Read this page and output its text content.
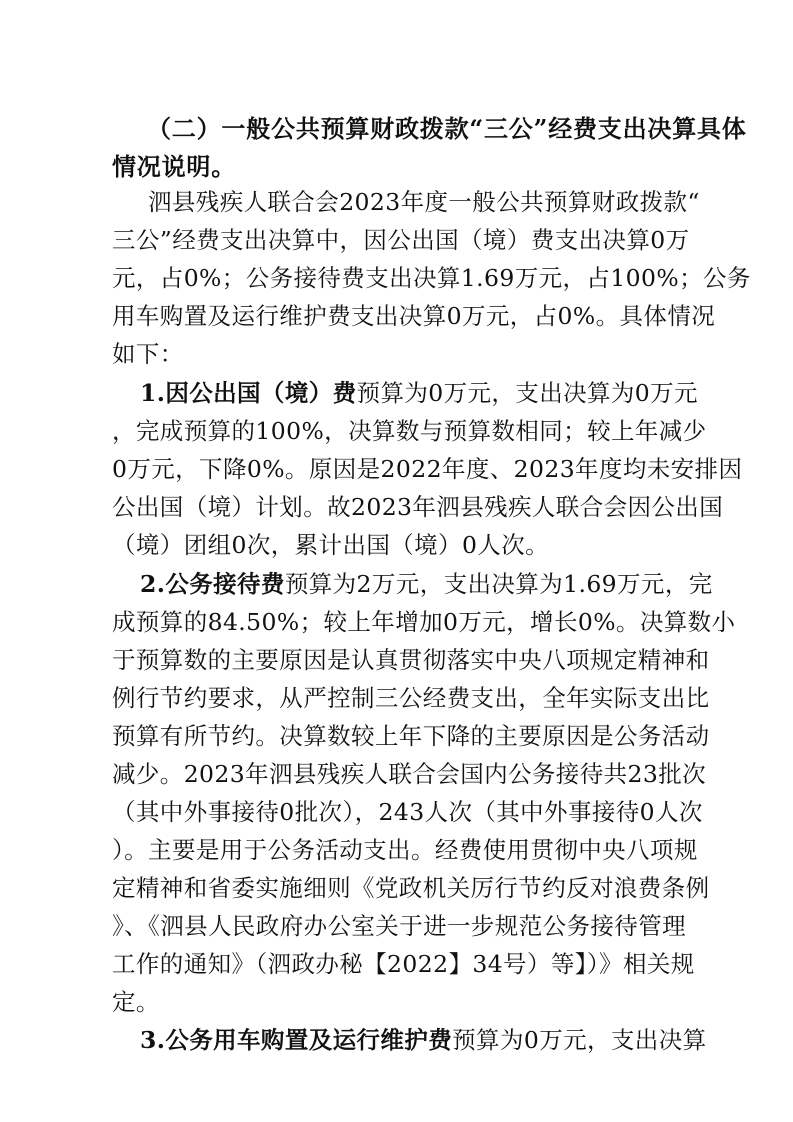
（二）一般公共预算财政拨款“三公”经费支出决算具体
情况说明。
泗县残疾人联合会2023年度一般公共预算财政拨款“
三公”经费支出决算中，因公出国（境）费支出决算0万
元，占0%；公务接待费支出决算1.69万元，占100%；公务
用车购置及运行维护费支出决算0万元，占0%。具体情况
如下：
1.因公出国（境）费预算为0万元，支出决算为0万元
，完成预算的100%，决算数与预算数相同；较上年减少
0万元，下降0%。原因是2022年度、2023年度均未安排因
公出国（境）计划。故2023年泗县残疾人联合会因公出国
（境）团组0次，累计出国（境）0人次。
2.公务接待费预算为2万元，支出决算为1.69万元，完
成预算的84.50%；较上年增加0万元，增长0%。决算数小
于预算数的主要原因是认真贯彻落实中央八项规定精神和
例行节约要求，从严控制三公经费支出，全年实际支出比
预算有所节约。决算数较上年下降的主要原因是公务活动
减少。2023年泗县残疾人联合会国内公务接待共23批次
（其中外事接待0批次），243人次（其中外事接待0人次
）。主要是用于公务活动支出。经费使用贯彻中央八项规
定精神和省委实施细则《党政机关厉行节约反对浪费条例
》、《泗县人民政府办公室关于进一步规范公务接待管理
工作的通知》（泗政办秘【2022】34号）等】）》相关规
定。
3.公务用车购置及运行维护费预算为0万元，支出决算
